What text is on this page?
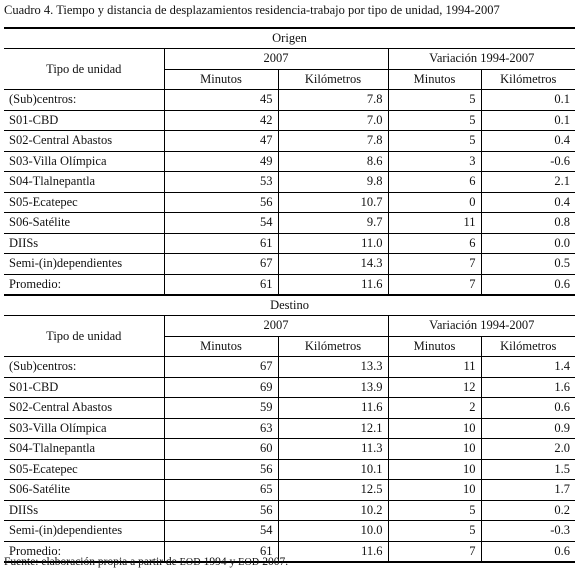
Cuadro 4. Tiempo y distancia de desplazamientos residencia-trabajo por tipo de unidad, 1994-2007
Origen				
Tipo de unidad	2007		Variación 1994-2007	
	Minutos	Kilómetros	Minutos	Kilómetros
(Sub)centros:	45	7.8	5	0.1
S01-CBD	42	7.0	5	0.1
S02-Central Abastos	47	7.8	5	0.4
S03-Villa Olímpica	49	8.6	3	-0.6
S04-Tlalnepantla	53	9.8	6	2.1
S05-Ecatepec	56	10.7	0	0.4
S06-Satélite	54	9.7	11	0.8
DIISs	61	11.0	6	0.0
Semi-(in)dependientes	67	14.3	7	0.5
Promedio:	61	11.6	7	0.6
Destino				
Tipo de unidad	2007		Variación 1994-2007	
	Minutos	Kilómetros	Minutos	Kilómetros
(Sub)centros:	67	13.3	11	1.4
S01-CBD	69	13.9	12	1.6
S02-Central Abastos	59	11.6	2	0.6
S03-Villa Olímpica	63	12.1	10	0.9
S04-Tlalnepantla	60	11.3	10	2.0
S05-Ecatepec	56	10.1	10	1.5
S06-Satélite	65	12.5	10	1.7
DIISs	56	10.2	5	0.2
Semi-(in)dependientes	54	10.0	5	-0.3
Promedio:	61	11.6	7	0.6
Fuente: elaboración propia a partir de EOD 1994 y EOD 2007.
